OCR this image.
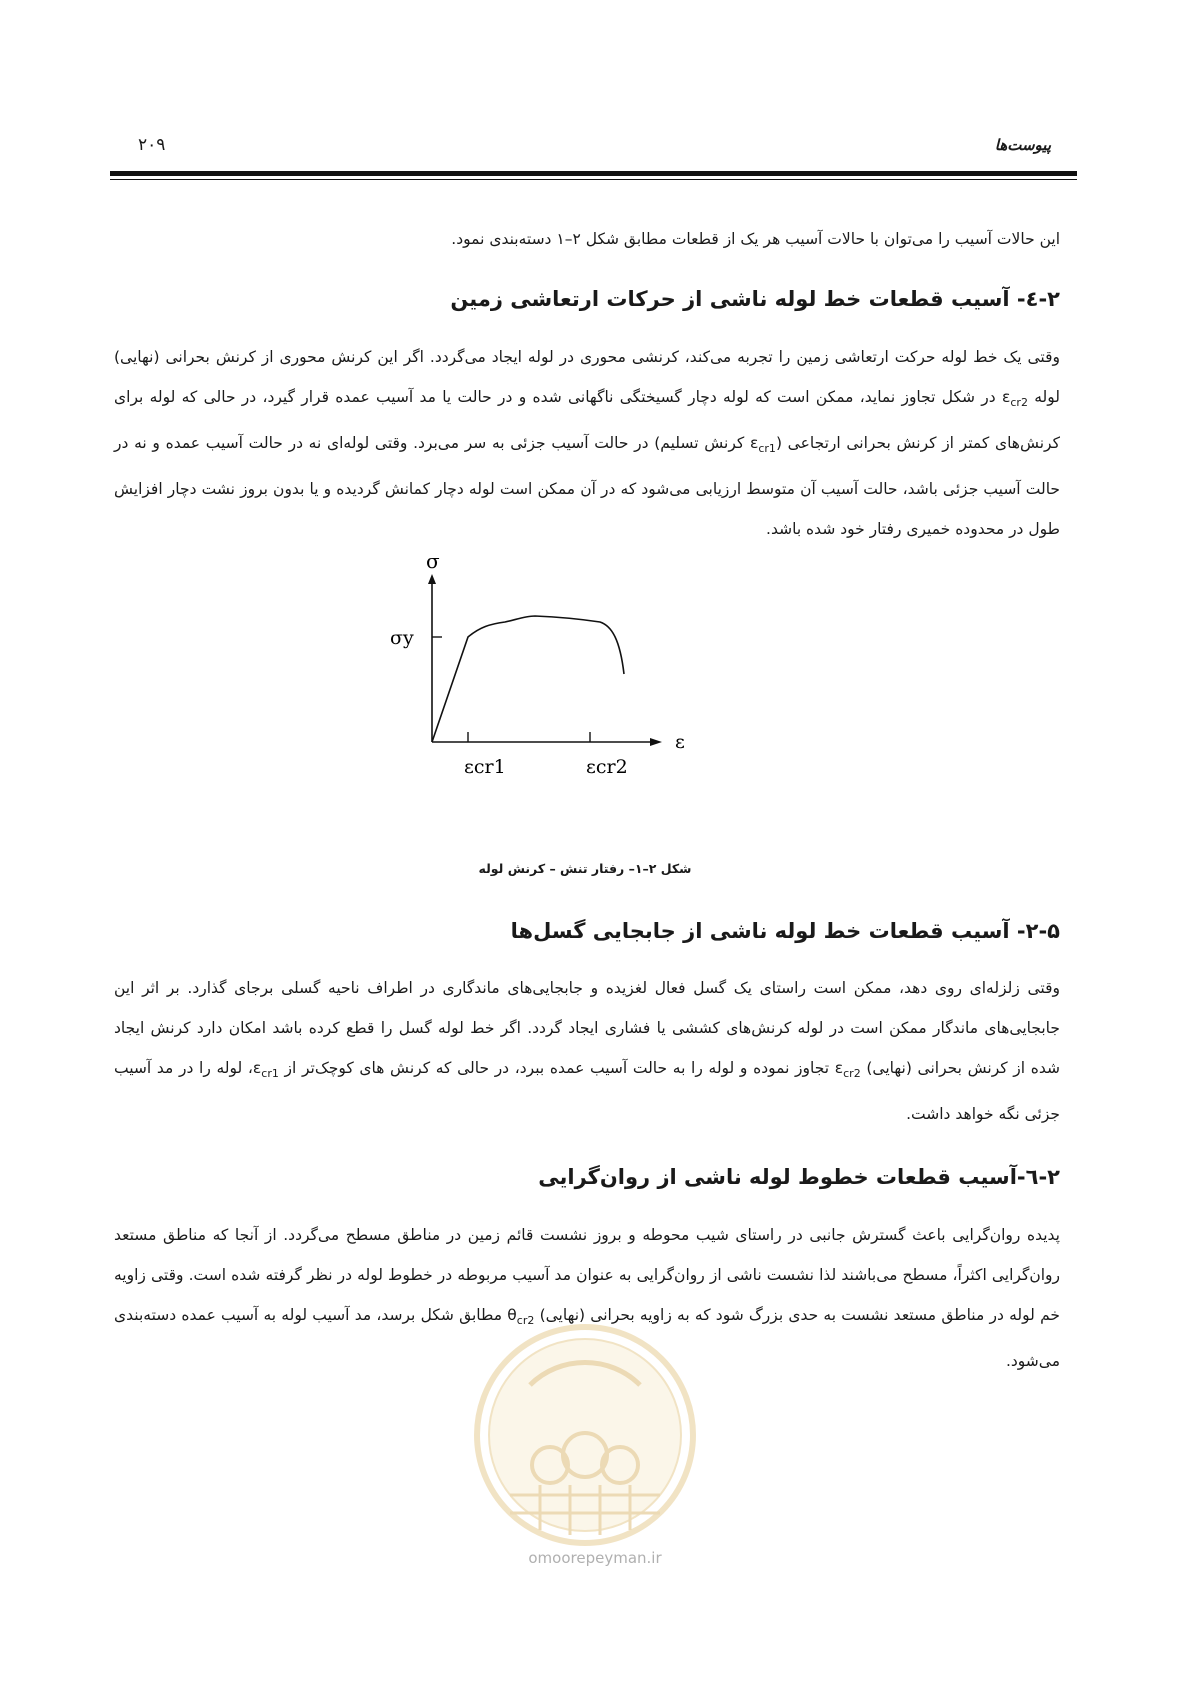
۲۰۹	پیوست‌ها

این حالات آسیب را می‌توان با حالات آسیب هر یک از قطعات مطابق شکل ۲–۱ دسته‌بندی نمود.

۲-٤- آسیب قطعات خط لوله ناشی از حرکات ارتعاشی زمین

وقتی یک خط لوله حرکت ارتعاشی زمین را تجربه می‌کند، کرنشی محوری در لوله ایجاد می‌گردد. اگر این کرنش محوری از کرنش بحرانی (نهایی) لوله $\varepsilon_{cr2}$ در شکل تجاوز نماید، ممکن است که لوله دچار گسیختگی ناگهانی شده و در حالت یا مد آسیب عمده قرار گیرد، در حالی که لوله برای کرنش‌های کمتر از کرنش بحرانی ارتجاعی ($\varepsilon_{cr1}$ کرنش تسلیم) در حالت آسیب جزئی به سر می‌برد. وقتی لوله‌ای نه در حالت آسیب عمده و نه در حالت آسیب جزئی باشد، حالت آسیب آن متوسط ارزیابی می‌شود که در آن ممکن است لوله دچار کمانش گردیده و یا بدون بروز نشت دچار افزایش طول در محدوده خمیری رفتار خود شده باشد.

σ
σy
ε
εcr1	εcr2
شکل ۲–۱– رفتار تنش – کرنش لوله
۲-۵- آسیب قطعات خط لوله ناشی از جابجایی گسل‌ها

وقتی زلزله‌ای روی دهد، ممکن است راستای یک گسل فعال لغزیده و جابجایی‌های ماندگاری در اطراف ناحیه گسلی برجای گذارد. بر اثر این جابجایی‌های ماندگار ممکن است در لوله کرنش‌های کششی یا فشاری ایجاد گردد. اگر خط لوله گسل را قطع کرده باشد امکان دارد کرنش ایجاد شده از کرنش بحرانی (نهایی) $\varepsilon_{cr2}$ تجاوز نموده و لوله را به حالت آسیب عمده ببرد، در حالی که کرنش های کوچک‌تر از $\varepsilon_{cr1}،$ لوله را در مد آسیب جزئی نگه خواهد داشت.

۲-٦-آسیب قطعات خطوط لوله ناشی از روان‌گرایی

پدیده روان‌گرایی باعث گسترش جانبی در راستای شیب محوطه و بروز نشست قائم زمین در مناطق مسطح می‌گردد. از آنجا که مناطق مستعد روان‌گرایی اکثراً، مسطح می‌باشند لذا نشست ناشی از روان‌گرایی به عنوان مد آسیب مربوطه در خطوط لوله در نظر گرفته شده است. وقتی زاویه خم لوله در مناطق مستعد نشست به حدی بزرگ شود که به زاویه بحرانی (نهایی) $\theta_{cr2}$ مطابق شکل برسد، مد آسیب لوله به آسیب عمده دسته‌بندی می‌شود.

omoorepeyman.ir
